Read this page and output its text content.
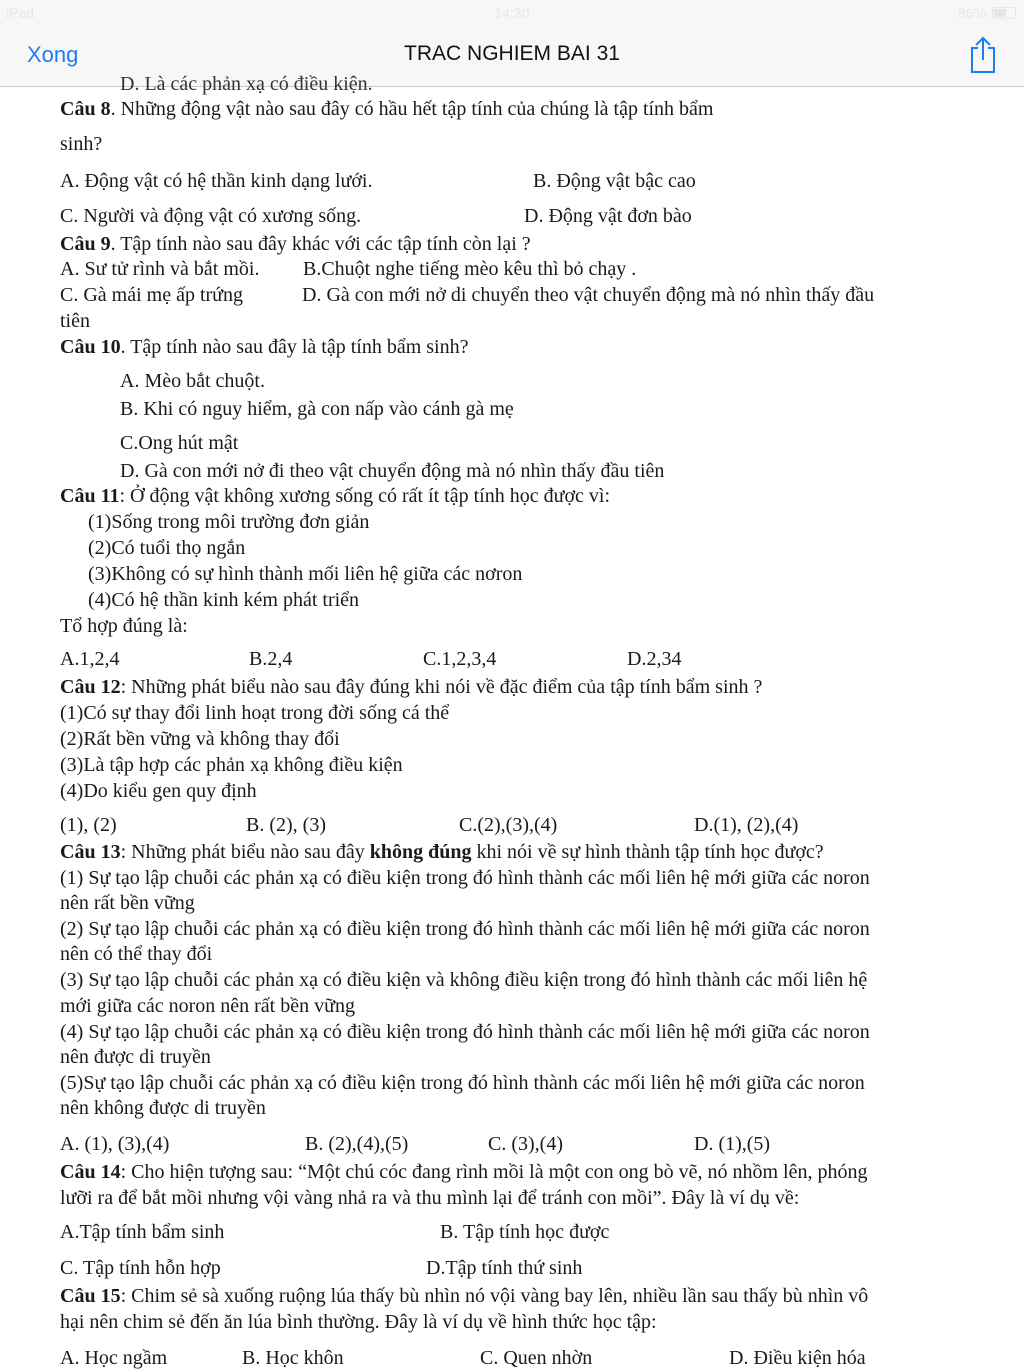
iPad	14:30	86%
Xong	TRAC NGHIEM BAI 31
D. Là các phản xạ có điều kiện.
Câu 8. Những động vật nào sau đây có hầu hết tập tính của chúng là tập tính bẩm
sinh?
A. Động vật có hệ thần kinh dạng lưới.	B. Động vật bậc cao
C. Người và động vật có xương sống.	D. Động vật đơn bào
Câu 9. Tập tính nào sau đây khác với các tập tính còn lại ?
A. Sư tử rình và bắt mồi. B.Chuột nghe tiếng mèo kêu thì bỏ chạy .
C. Gà mái mẹ ấp trứng	D. Gà con mới nở di chuyển theo vật chuyển động mà nó nhìn thấy đầu
tiên
Câu 10. Tập tính nào sau đây là tập tính bẩm sinh?
A. Mèo bắt chuột.
B. Khi có nguy hiểm, gà con nấp vào cánh gà mẹ
C.Ong hút mật
D. Gà con mới nở đi theo vật chuyển động mà nó nhìn thấy đầu tiên
Câu 11: Ở động vật không xương sống có rất ít tập tính học được vì:
(1)Sống trong môi trường đơn giản
(2)Có tuổi thọ ngắn
(3)Không có sự hình thành mối liên hệ giữa các nơron
(4)Có hệ thần kinh kém phát triển
Tổ hợp đúng là:
A.1,2,4	B.2,4	C.1,2,3,4	D.2,34
Câu 12: Những phát biểu nào sau đây đúng khi nói về đặc điểm của tập tính bẩm sinh ?
(1)Có sự thay đổi linh hoạt trong đời sống cá thể
(2)Rất bền vững và không thay đổi
(3)Là tập hợp các phản xạ không điều kiện
(4)Do kiểu gen quy định
(1), (2)	B. (2), (3)	C.(2),(3),(4)	D.(1), (2),(4)
Câu 13: Những phát biểu nào sau đây không đúng khi nói về sự hình thành tập tính học được?
(1) Sự tạo lập chuỗi các phản xạ có điều kiện trong đó hình thành các mối liên hệ mới giữa các noron
nên rất bền vững
(2) Sự tạo lập chuỗi các phản xạ có điều kiện trong đó hình thành các mối liên hệ mới giữa các noron
nên có thể thay đổi
(3) Sự tạo lập chuỗi các phản xạ có điều kiện và không điều kiện trong đó hình thành các mối liên hệ
mới giữa các noron nên rất bền vững
(4) Sự tạo lập chuỗi các phản xạ có điều kiện trong đó hình thành các mối liên hệ mới giữa các noron
nên được di truyền
(5)Sự tạo lập chuỗi các phản xạ có điều kiện trong đó hình thành các mối liên hệ mới giữa các noron
nên không được di truyền
A. (1), (3),(4)	B. (2),(4),(5)	C. (3),(4)	D. (1),(5)
Câu 14: Cho hiện tượng sau: “Một chú cóc đang rình mồi là một con ong bò vẽ, nó nhồm lên, phóng
lưỡi ra để bắt mồi nhưng vội vàng nhả ra và thu mình lại để tránh con mồi”. Đây là ví dụ về:
A.Tập tính bẩm sinh	B. Tập tính học được
C. Tập tính hỗn hợp	D.Tập tính thứ sinh
Câu 15: Chim sẻ sà xuống ruộng lúa thấy bù nhìn nó vội vàng bay lên, nhiều lần sau thấy bù nhìn vô
hại nên chim sẻ đến ăn lúa bình thường. Đây là ví dụ về hình thức học tập:
A. Học ngầm	B. Học khôn	C. Quen nhờn	D. Điều kiện hóa
